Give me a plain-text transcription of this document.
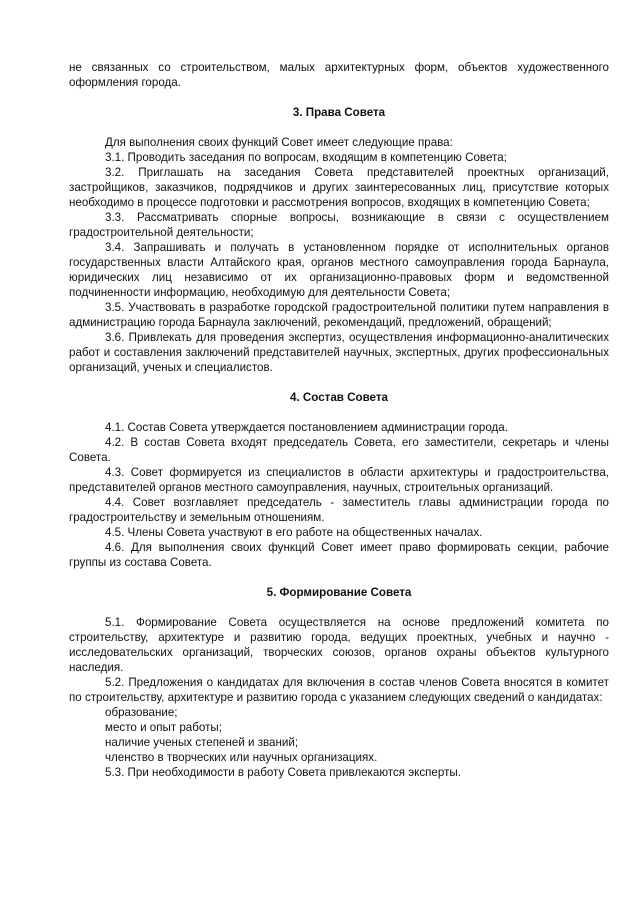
не связанных со строительством, малых архитектурных форм, объектов художественного оформления города.

3. Права Совета

Для выполнения своих функций Совет имеет следующие права:

3.1. Проводить заседания по вопросам, входящим в компетенцию Совета;

3.2. Приглашать на заседания Совета представителей проектных организаций, застройщиков, заказчиков, подрядчиков и других заинтересованных лиц, присутствие которых необходимо в процессе подготовки и рассмотрения вопросов, входящих в компетенцию Совета;

3.3. Рассматривать спорные вопросы, возникающие в связи с осуществлением градостроительной деятельности;

3.4. Запрашивать и получать в установленном порядке от исполнительных органов государственных власти Алтайского края, органов местного самоуправления города Барнаула, юридических лиц независимо от их организационно-правовых форм и ведомственной подчиненности информацию, необходимую для деятельности Совета;

3.5. Участвовать в разработке городской градостроительной политики путем направления в администрацию города Барнаула заключений, рекомендаций, предложений, обращений;

3.6. Привлекать для проведения экспертиз, осуществления информационно-аналитических работ и составления заключений представителей научных, экспертных, других профессиональных организаций, ученых и специалистов.

4. Состав Совета

4.1. Состав Совета утверждается постановлением администрации города.

4.2. В состав Совета входят председатель Совета, его заместители, секретарь и члены Совета.

4.3. Совет формируется из специалистов в области архитектуры и градостроительства, представителей органов местного самоуправления, научных, строительных организаций.

4.4. Совет возглавляет председатель - заместитель главы администрации города по градостроительству и земельным отношениям.

4.5. Члены Совета участвуют в его работе на общественных началах.

4.6. Для выполнения своих функций Совет имеет право формировать секции, рабочие группы из состава Совета.

5. Формирование Совета

5.1. Формирование Совета осуществляется на основе предложений комитета по строительству, архитектуре и развитию города, ведущих проектных, учебных и научно - исследовательских организаций, творческих союзов, органов охраны объектов культурного наследия.

5.2. Предложения о кандидатах для включения в состав членов Совета вносятся в комитет по строительству, архитектуре и развитию города с указанием следующих сведений о кандидатах:

образование;
место и опыт работы;
наличие ученых степеней и званий;
членство в творческих или научных организациях.

5.3. При необходимости в работу Совета привлекаются эксперты.
